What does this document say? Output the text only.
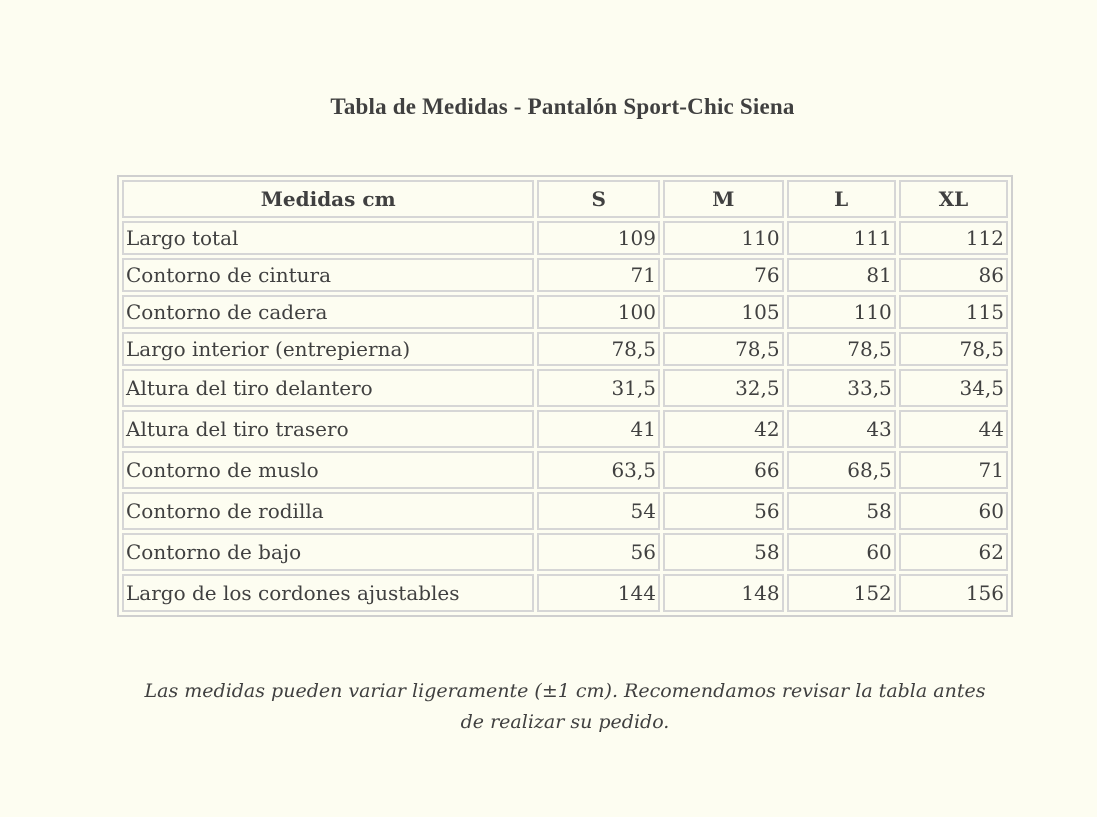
Tabla de Medidas - Pantalón Sport-Chic Siena
Medidas cm	S	M	L	XL
Largo total	109	110	111	112
Contorno de cintura	71	76	81	86
Contorno de cadera	100	105	110	115
Largo interior (entrepierna)	78,5	78,5	78,5	78,5
Altura del tiro delantero	31,5	32,5	33,5	34,5
Altura del tiro trasero	41	42	43	44
Contorno de muslo	63,5	66	68,5	71
Contorno de rodilla	54	56	58	60
Contorno de bajo	56	58	60	62
Largo de los cordones ajustables	144	148	152	156
Las medidas pueden variar ligeramente (±1 cm). Recomendamos revisar la tabla antes de realizar su pedido.
